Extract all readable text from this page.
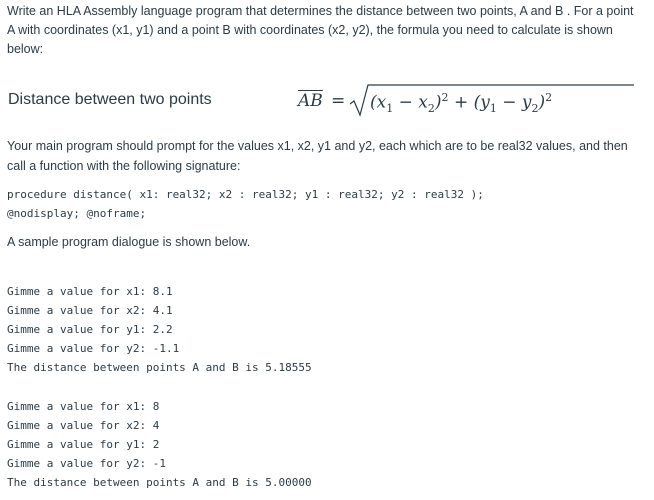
Write an HLA Assembly language program that determines the distance between two points, A and B . For a point A with coordinates (x1, y1) and a point B with coordinates (x2, y2), the formula you need to calculate is shown below:

Distance between two points	$\overline{AB} = (x_1 - x_2)^2 + (y_1 - y_2)^2$

Your main program should prompt for the values x1, x2, y1 and y2, each which are to be real32 values, and then call a function with the following signature:

procedure distance( x1: real32; x2 : real32; y1 : real32; y2 : real32 );
@nodisplay; @noframe;

A sample program dialogue is shown below.

Gimme a value for x1: 8.1
Gimme a value for x2: 4.1
Gimme a value for y1: 2.2
Gimme a value for y2: -1.1
The distance between points A and B is 5.18555
Gimme a value for x1: 8
Gimme a value for x2: 4
Gimme a value for y1: 2
Gimme a value for y2: -1
The distance between points A and B is 5.00000
